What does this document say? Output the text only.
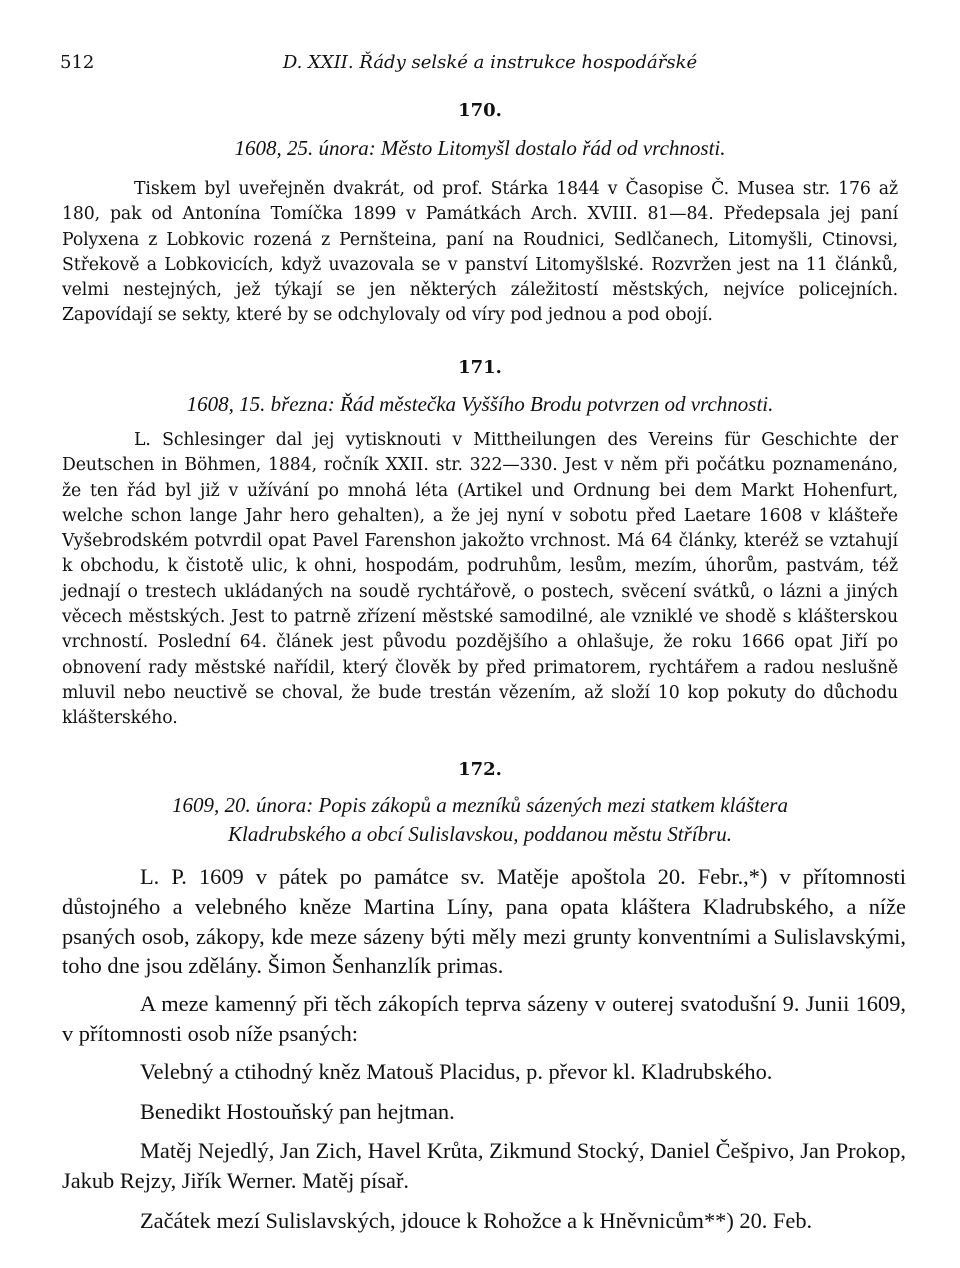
512	D. XXII. Řády selské a instrukce hospodářské
170.
1608, 25. února: Město Litomyšl dostalo řád od vrchnosti.

Tiskem byl uveřejněn dvakrát, od prof. Stárka 1844 v Časopise Č. Musea str. 176 až 180, pak od Antonína Tomíčka 1899 v Památkách Arch. XVIII. 81—84. Předepsala jej paní Polyxena z Lobkovic rozená z Pernšteina, paní na Roudnici, Sedlčanech, Litomyšli, Ctinovsi, Střekově a Lobkovicích, když uvazovala se v panství Litomyšlské. Rozvržen jest na 11 článků, velmi nestejných, jež týkají se jen některých záležitostí městských, nejvíce policejních. Zapovídají se sekty, které by se odchylovaly od víry pod jednou a pod obojí.

171.
1608, 15. března: Řád městečka Vyššího Brodu potvrzen od vrchnosti.

L. Schlesinger dal jej vytisknouti v Mittheilungen des Vereins für Geschichte der Deutschen in Böhmen, 1884, ročník XXII. str. 322—330. Jest v něm při počátku poznamenáno, že ten řád byl již v užívání po mnohá léta (Artikel und Ordnung bei dem Markt Hohenfurt, welche schon lange Jahr hero gehalten), a že jej nyní v sobotu před Laetare 1608 v klášteře Vyšebrodském potvrdil opat Pavel Farenshon jakožto vrchnost. Má 64 články, kteréž se vztahují k obchodu, k čistotě ulic, k ohni, hospodám, podruhům, lesům, mezím, úhorům, pastvám, též jednají o trestech ukládaných na soudě rychtářově, o postech, svěcení svátků, o lázni a jiných věcech městských. Jest to patrně zřízení městské samodilné, ale vzniklé ve shodě s klášterskou vrchností. Poslední 64. článek jest původu pozdějšího a ohlašuje, že roku 1666 opat Jiří po obnovení rady městské nařídil, který člověk by před primatorem, rychtářem a radou neslušně mluvil nebo neuctivě se choval, že bude trestán vězením, až složí 10 kop pokuty do důchodu klášterského.

172.
1609, 20. února: Popis zákopů a mezníků sázených mezi statkem kláštera
Kladrubského a obcí Sulislavskou, poddanou městu Stříbru.

L. P. 1609 v pátek po památce sv. Matěje apoštola 20. Febr.,*) v přítomnosti důstojného a velebného kněze Martina Líny, pana opata kláštera Kladrubského, a níže psaných osob, zákopy, kde meze sázeny býti měly mezi grunty konventními a Sulislavskými, toho dne jsou zdělány. Šimon Šenhanzlík primas.

A meze kamenný při těch zákopích teprva sázeny v outerej svatodušní 9. Junii 1609, v přítomnosti osob níže psaných:

Velebný a ctihodný kněz Matouš Placidus, p. převor kl. Kladrubského.

Benedikt Hostouňský pan hejtman.

Matěj Nejedlý, Jan Zich, Havel Krůta, Zikmund Stocký, Daniel Češpivo, Jan Prokop, Jakub Rejzy, Jiřík Werner. Matěj písař.

Začátek mezí Sulislavských, jdouce k Rohožce a k Hněvnicům**) 20. Feb.
